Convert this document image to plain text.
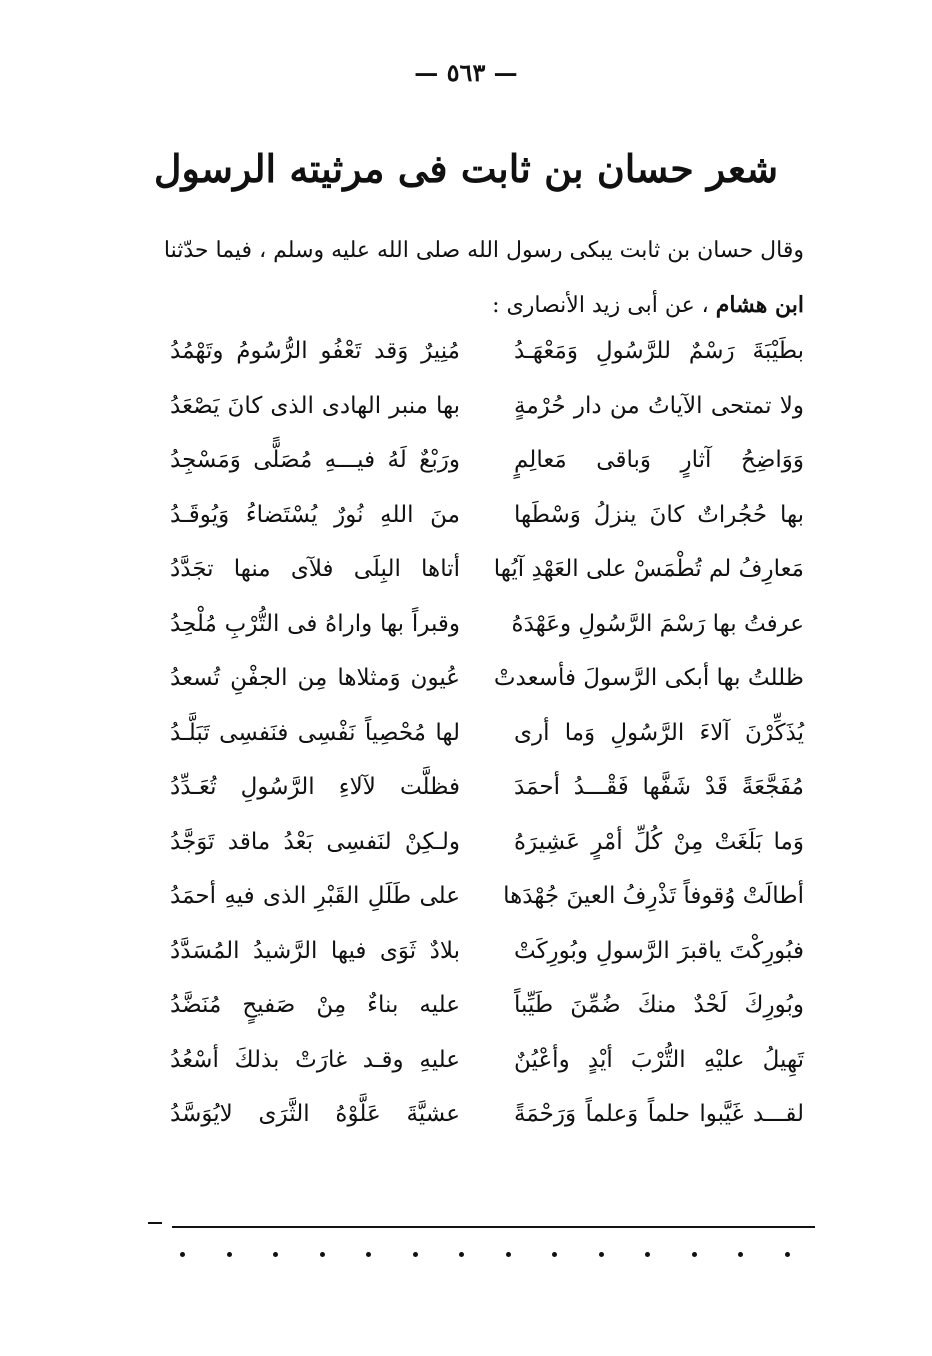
— ٥٦٣ —
شعر حسان بن ثابت فى مرثيته الرسول
وقال حسان بن ثابت يبكى رسول الله صلى الله عليه وسلم ، فيما حدّثنا
ابن هشام ، عن أبى زيد الأنصارى :
بطَيْبَةَ رَسْمٌ للرَّسُولِ وَمَعْهَـدُ
مُنِيرٌ وَقد تَعْفُو الرُّسُومُ وتَهْمُدُ
ولا تمتحى الآياتُ من دار حُرْمةٍ
بها منبر الهادى الذى كانَ يَصْعَدُ
وَوَاضِحُ آثارٍ وَباقى مَعالِمٍ
ورَبْعٌ لَهُ فيـــهِ مُصَلًّى وَمَسْجِدُ
بها حُجُراتٌ كانَ ينزلُ وَسْطَها
منَ اللهِ نُورٌ يُسْتَضاءُ وَيُوقَـدُ
مَعارِفُ لم تُطْمَسْ على العَهْدِ آيُها
أتاها البِلَى فلآى منها تجَدَّدُ
عرفتُ بها رَسْمَ الرَّسُولِ وعَهْدَهُ
وقبراً بها واراهُ فى التُّرْبِ مُلْحِدُ
ظللتُ بها أبكى الرَّسولَ فأسعدتْ
عُيون وَمثلاها مِن الجفْنِ تُسعدُ
يُذَكِّرْنَ آلاءَ الرَّسُولِ وَما أرى
لها مُحْصِياً نَفْسِى فنَفسِى تَبَلَّـدُ
مُفَجَّعَةً قَدْ شَفَّها فَقْـــدُ أحمَدَ
فظلَّت لآلاءِ الرَّسُولِ تُعَـدِّدُ
وَما بَلَغَتْ مِنْ كُلِّ أمْرٍ عَشِيرَهُ
ولـكِنْ لنَفسِى بَعْدُ ماقد تَوَجَّدُ
أطالَتْ وُقوفاً تَذْرِفُ العينَ جُهْدَها
على طَلَلِ القَبْرِ الذى فيهِ أحمَدُ
فبُورِكْتَ ياقبرَ الرَّسولِ وبُورِكَتْ
بلادٌ ثَوَى فيها الرَّشيدُ المُسَدَّدُ
وبُورِكَ لَحْدٌ منكَ ضُمِّنَ طَيِّباً
عليه بناءٌ مِنْ صَفيحٍ مُنَضَّدُ
تَهِيلُ عليْهِ التُّرْبَ أيْدٍ وأعْيُنٌ
عليهِ وقـد غارَتْ بذلكَ أسْعُدُ
لقـــد غَيَّبوا حلماً وَعلماً وَرَحْمَةً
عشيَّةَ عَلَّوْهُ الثَّرَى لايُوَسَّدُ
